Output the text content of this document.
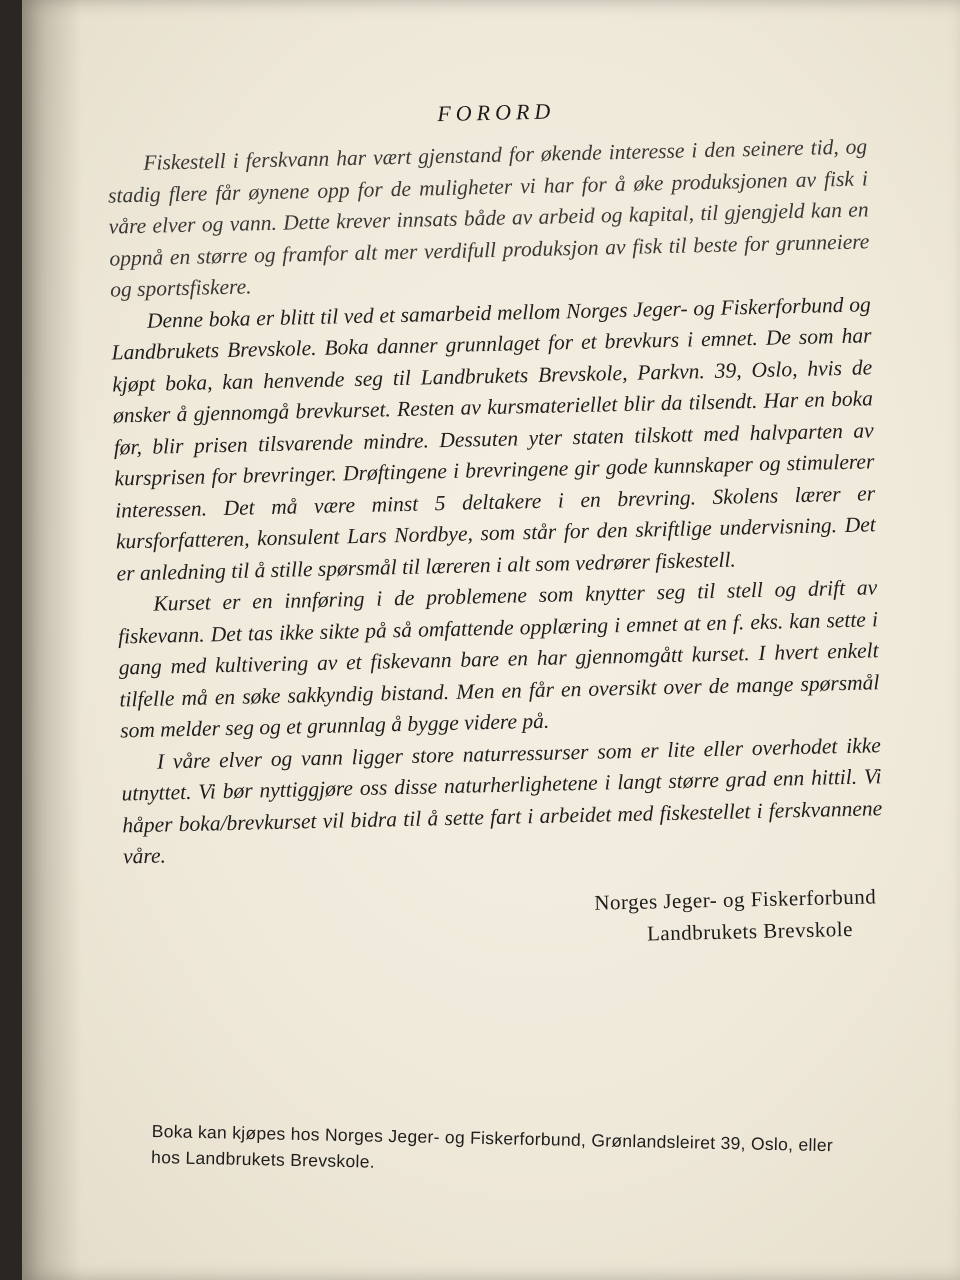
FORORD

Fiskestell i ferskvann har vært gjenstand for økende interesse i den seinere tid, og stadig flere får øynene opp for de muligheter vi har for å øke produksjonen av fisk i våre elver og vann. Dette krever innsats både av arbeid og kapital, til gjengjeld kan en oppnå en større og framfor alt mer verdifull produksjon av fisk til beste for grunneiere og sportsfiskere.

Denne boka er blitt til ved et samarbeid mellom Norges Jeger- og Fiskerforbund og Landbrukets Brevskole. Boka danner grunnlaget for et brevkurs i emnet. De som har kjøpt boka, kan henvende seg til Landbrukets Brevskole, Parkvn. 39, Oslo, hvis de ønsker å gjennomgå brevkurset. Resten av kursmateriellet blir da tilsendt. Har en boka før, blir prisen tilsvarende mindre. Dessuten yter staten tilskott med halvparten av kursprisen for brevringer. Drøftingene i brevringene gir gode kunnskaper og stimulerer interessen. Det må være minst 5 deltakere i en brevring. Skolens lærer er kursforfatteren, konsulent Lars Nordbye, som står for den skriftlige undervisning. Det er anledning til å stille spørsmål til læreren i alt som vedrører fiskestell.

Kurset er en innføring i de problemene som knytter seg til stell og drift av fiskevann. Det tas ikke sikte på så omfattende opplæring i emnet at en f. eks. kan sette i gang med kultivering av et fiskevann bare en har gjennomgått kurset. I hvert enkelt tilfelle må en søke sakkyndig bistand. Men en får en oversikt over de mange spørsmål som melder seg og et grunnlag å bygge videre på.

I våre elver og vann ligger store naturressurser som er lite eller overhodet ikke utnyttet. Vi bør nyttiggjøre oss disse naturherlighetene i langt større grad enn hittil. Vi håper boka/brevkurset vil bidra til å sette fart i arbeidet med fiskestellet i ferskvannene våre.

Norges Jeger- og Fiskerforbund
Landbrukets Brevskole
Boka kan kjøpes hos Norges Jeger- og Fiskerforbund, Grønlandsleiret 39, Oslo, eller hos Landbrukets Brevskole.
